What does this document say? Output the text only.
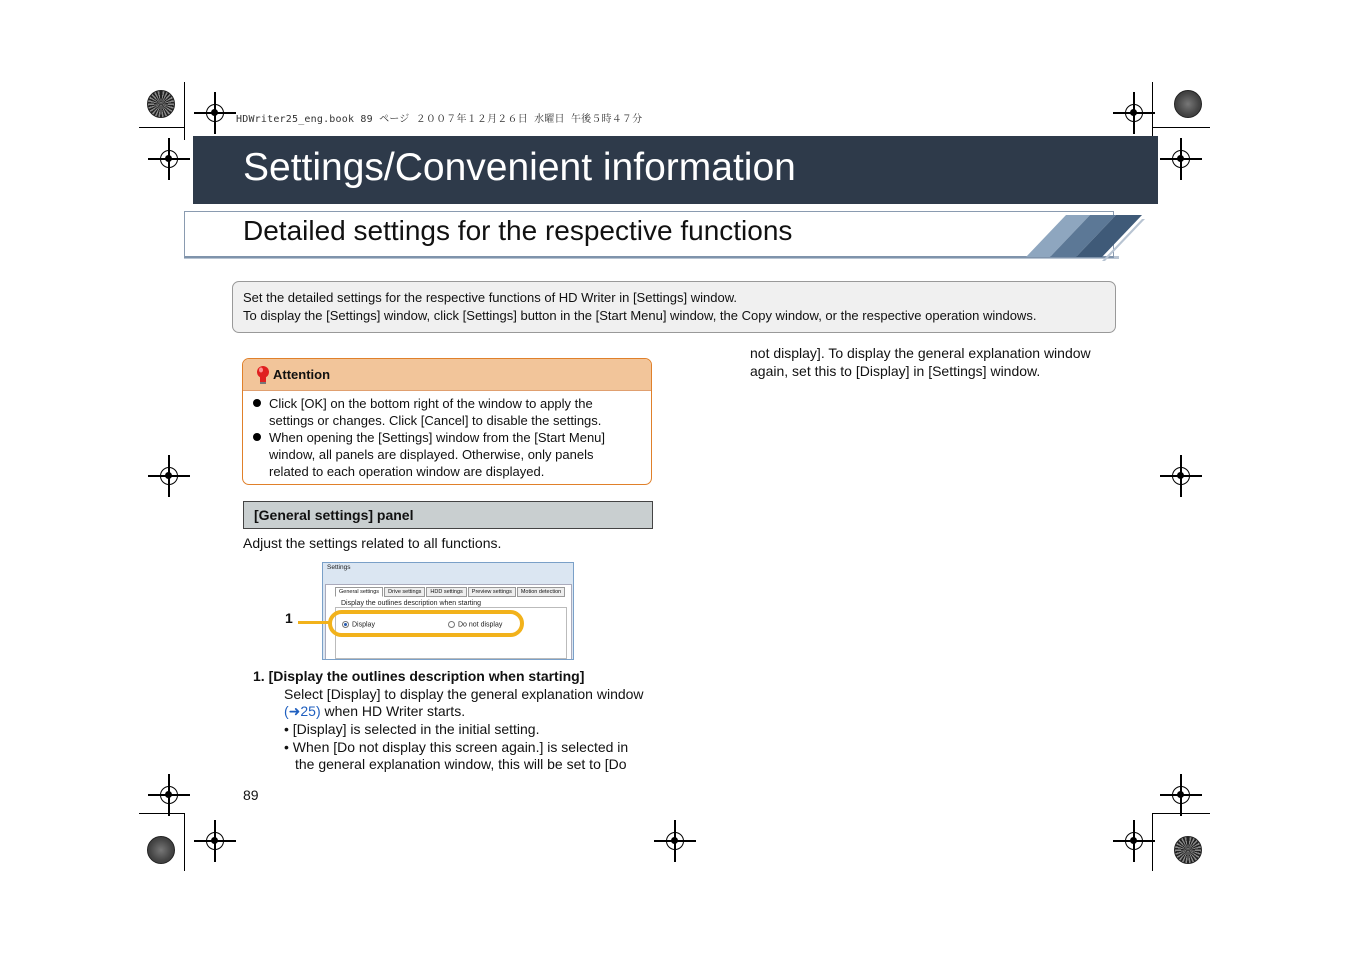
HDWriter25_eng.book 89 ページ ２００７年１２月２６日 水曜日 午後５時４７分
Settings/Convenient information
Detailed settings for the respective functions
Set the detailed settings for the respective functions of HD Writer in [Settings] window.
To display the [Settings] window, click [Settings] button in the [Start Menu] window, the Copy window, or the respective operation windows.
Attention
Click [OK] on the bottom right of the window to apply the
settings or changes. Click [Cancel] to disable the settings.
When opening the [Settings] window from the [Start Menu]
window, all panels are displayed. Otherwise, only panels
related to each operation window are displayed.
[General settings] panel
Adjust the settings related to all functions.
Settings
General settings	Drive settings	HDD settings	Preview settings	Motion detection
Display the outlines description when starting
Display	Do not display
1
1. [Display the outlines description when starting]
Select [Display] to display the general explanation window
(➜25) when HD Writer starts.
• [Display] is selected in the initial setting.
• When [Do not display this screen again.] is selected in
the general explanation window, this will be set to [Do
not display]. To display the general explanation window
again, set this to [Display] in [Settings] window.
89
